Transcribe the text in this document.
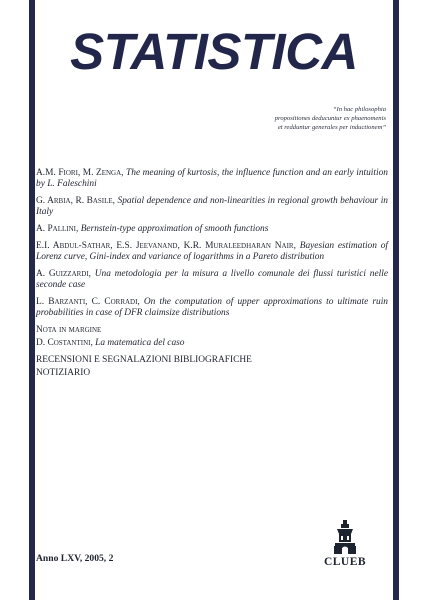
STATISTICA
“In hac philosophia
propositiones deducuntur ex phaenomenis
et redduntur generales per inductionem”

A.M. Fiori, M. Zenga, The meaning of kurtosis, the influence function and an early intuition by L. Faleschini

G. Arbia, R. Basile, Spatial dependence and non-linearities in regional growth behaviour in Italy

A. Pallini, Bernstein-type approximation of smooth functions

E.I. Abdul-Sathar, E.S. Jeevanand, K.R. Muraleedharan Nair, Bayesian estimation of Lorenz curve, Gini-index and variance of logarithms in a Pareto distribution

A. Guizzardi, Una metodologia per la misura a livello comunale dei flussi turistici nelle seconde case

L. Barzanti, C. Corradi, On the computation of upper approximations to ultimate ruin probabilities in case of DFR claimsize distributions

Nota in margine

D. Costantini, La matematica del caso

RECENSIONI E SEGNALAZIONI BIBLIOGRAFICHE

NOTIZIARIO

Anno LXV, 2005, 2	CLUEB
